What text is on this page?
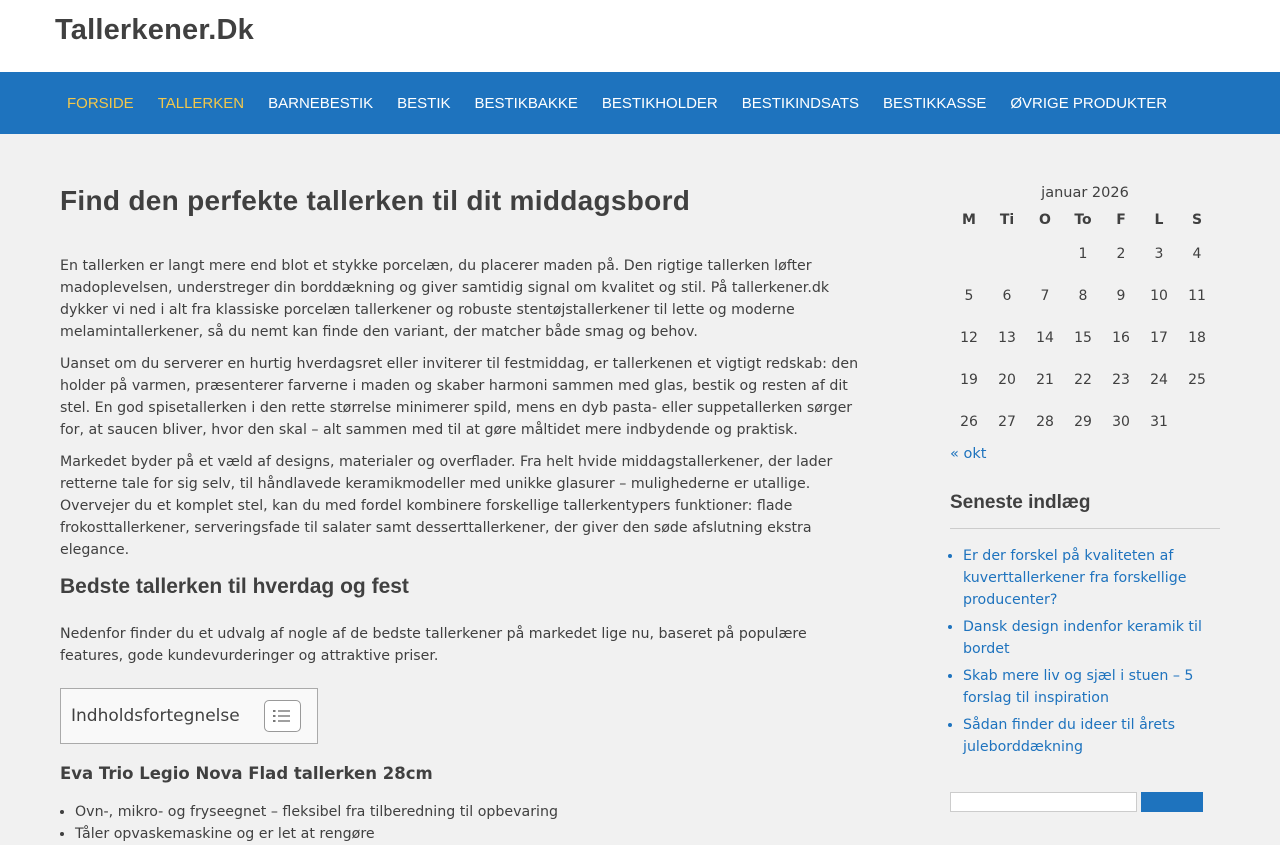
Tallerkener.Dk
FORSIDE	TALLERKEN	BARNEBESTIK	BESTIK	BESTIKBAKKE	BESTIKHOLDER	BESTIKINDSATS	BESTIKKASSE	ØVRIGE PRODUKTER
Find den perfekte tallerken til dit middagsbord

En tallerken er langt mere end blot et stykke porcelæn, du placerer maden på. Den rigtige tallerken løfter madoplevelsen, understreger din borddækning og giver samtidig signal om kvalitet og stil. På tallerkener.dk dykker vi ned i alt fra klassiske porcelæn tallerkener og robuste stentøjstallerkener til lette og moderne melamintallerkener, så du nemt kan finde den variant, der matcher både smag og behov.

Uanset om du serverer en hurtig hverdagsret eller inviterer til festmiddag, er tallerkenen et vigtigt redskab: den holder på varmen, præsenterer farverne i maden og skaber harmoni sammen med glas, bestik og resten af dit stel. En god spisetallerken i den rette størrelse minimerer spild, mens en dyb pasta- eller suppetallerken sørger for, at saucen bliver, hvor den skal – alt sammen med til at gøre måltidet mere indbydende og praktisk.

Markedet byder på et væld af designs, materialer og overflader. Fra helt hvide middagstallerkener, der lader retterne tale for sig selv, til håndlavede keramikmodeller med unikke glasurer – mulighederne er utallige. Overvejer du et komplet stel, kan du med fordel kombinere forskellige tallerkentypers funktioner: flade frokosttallerkener, serveringsfade til salater samt desserttallerkener, der giver den søde afslutning ekstra elegance.

Bedste tallerken til hverdag og fest

Nedenfor finder du et udvalg af nogle af de bedste tallerkener på markedet lige nu, baseret på populære features, gode kundevurderinger og attraktive priser.

Indholdsfortegnelse
Eva Trio Legio Nova Flad tallerken 28cm
• Ovn-, mikro- og fryseegnet – fleksibel fra tilberedning til opbevaring
• Tåler opvaskemaskine og er let at rengøre
januar 2026
M	Ti	O	To	F	L	S
			1	2	3	4
5	6	7	8	9	10	11
12	13	14	15	16	17	18
19	20	21	22	23	24	25
26	27	28	29	30	31	
« okt
Seneste indlæg
• Er der forskel på kvaliteten af kuverttallerkener fra forskellige producenter?
• Dansk design indenfor keramik til bordet
• Skab mere liv og sjæl i stuen – 5 forslag til inspiration
• Sådan finder du ideer til årets juleborddækning
